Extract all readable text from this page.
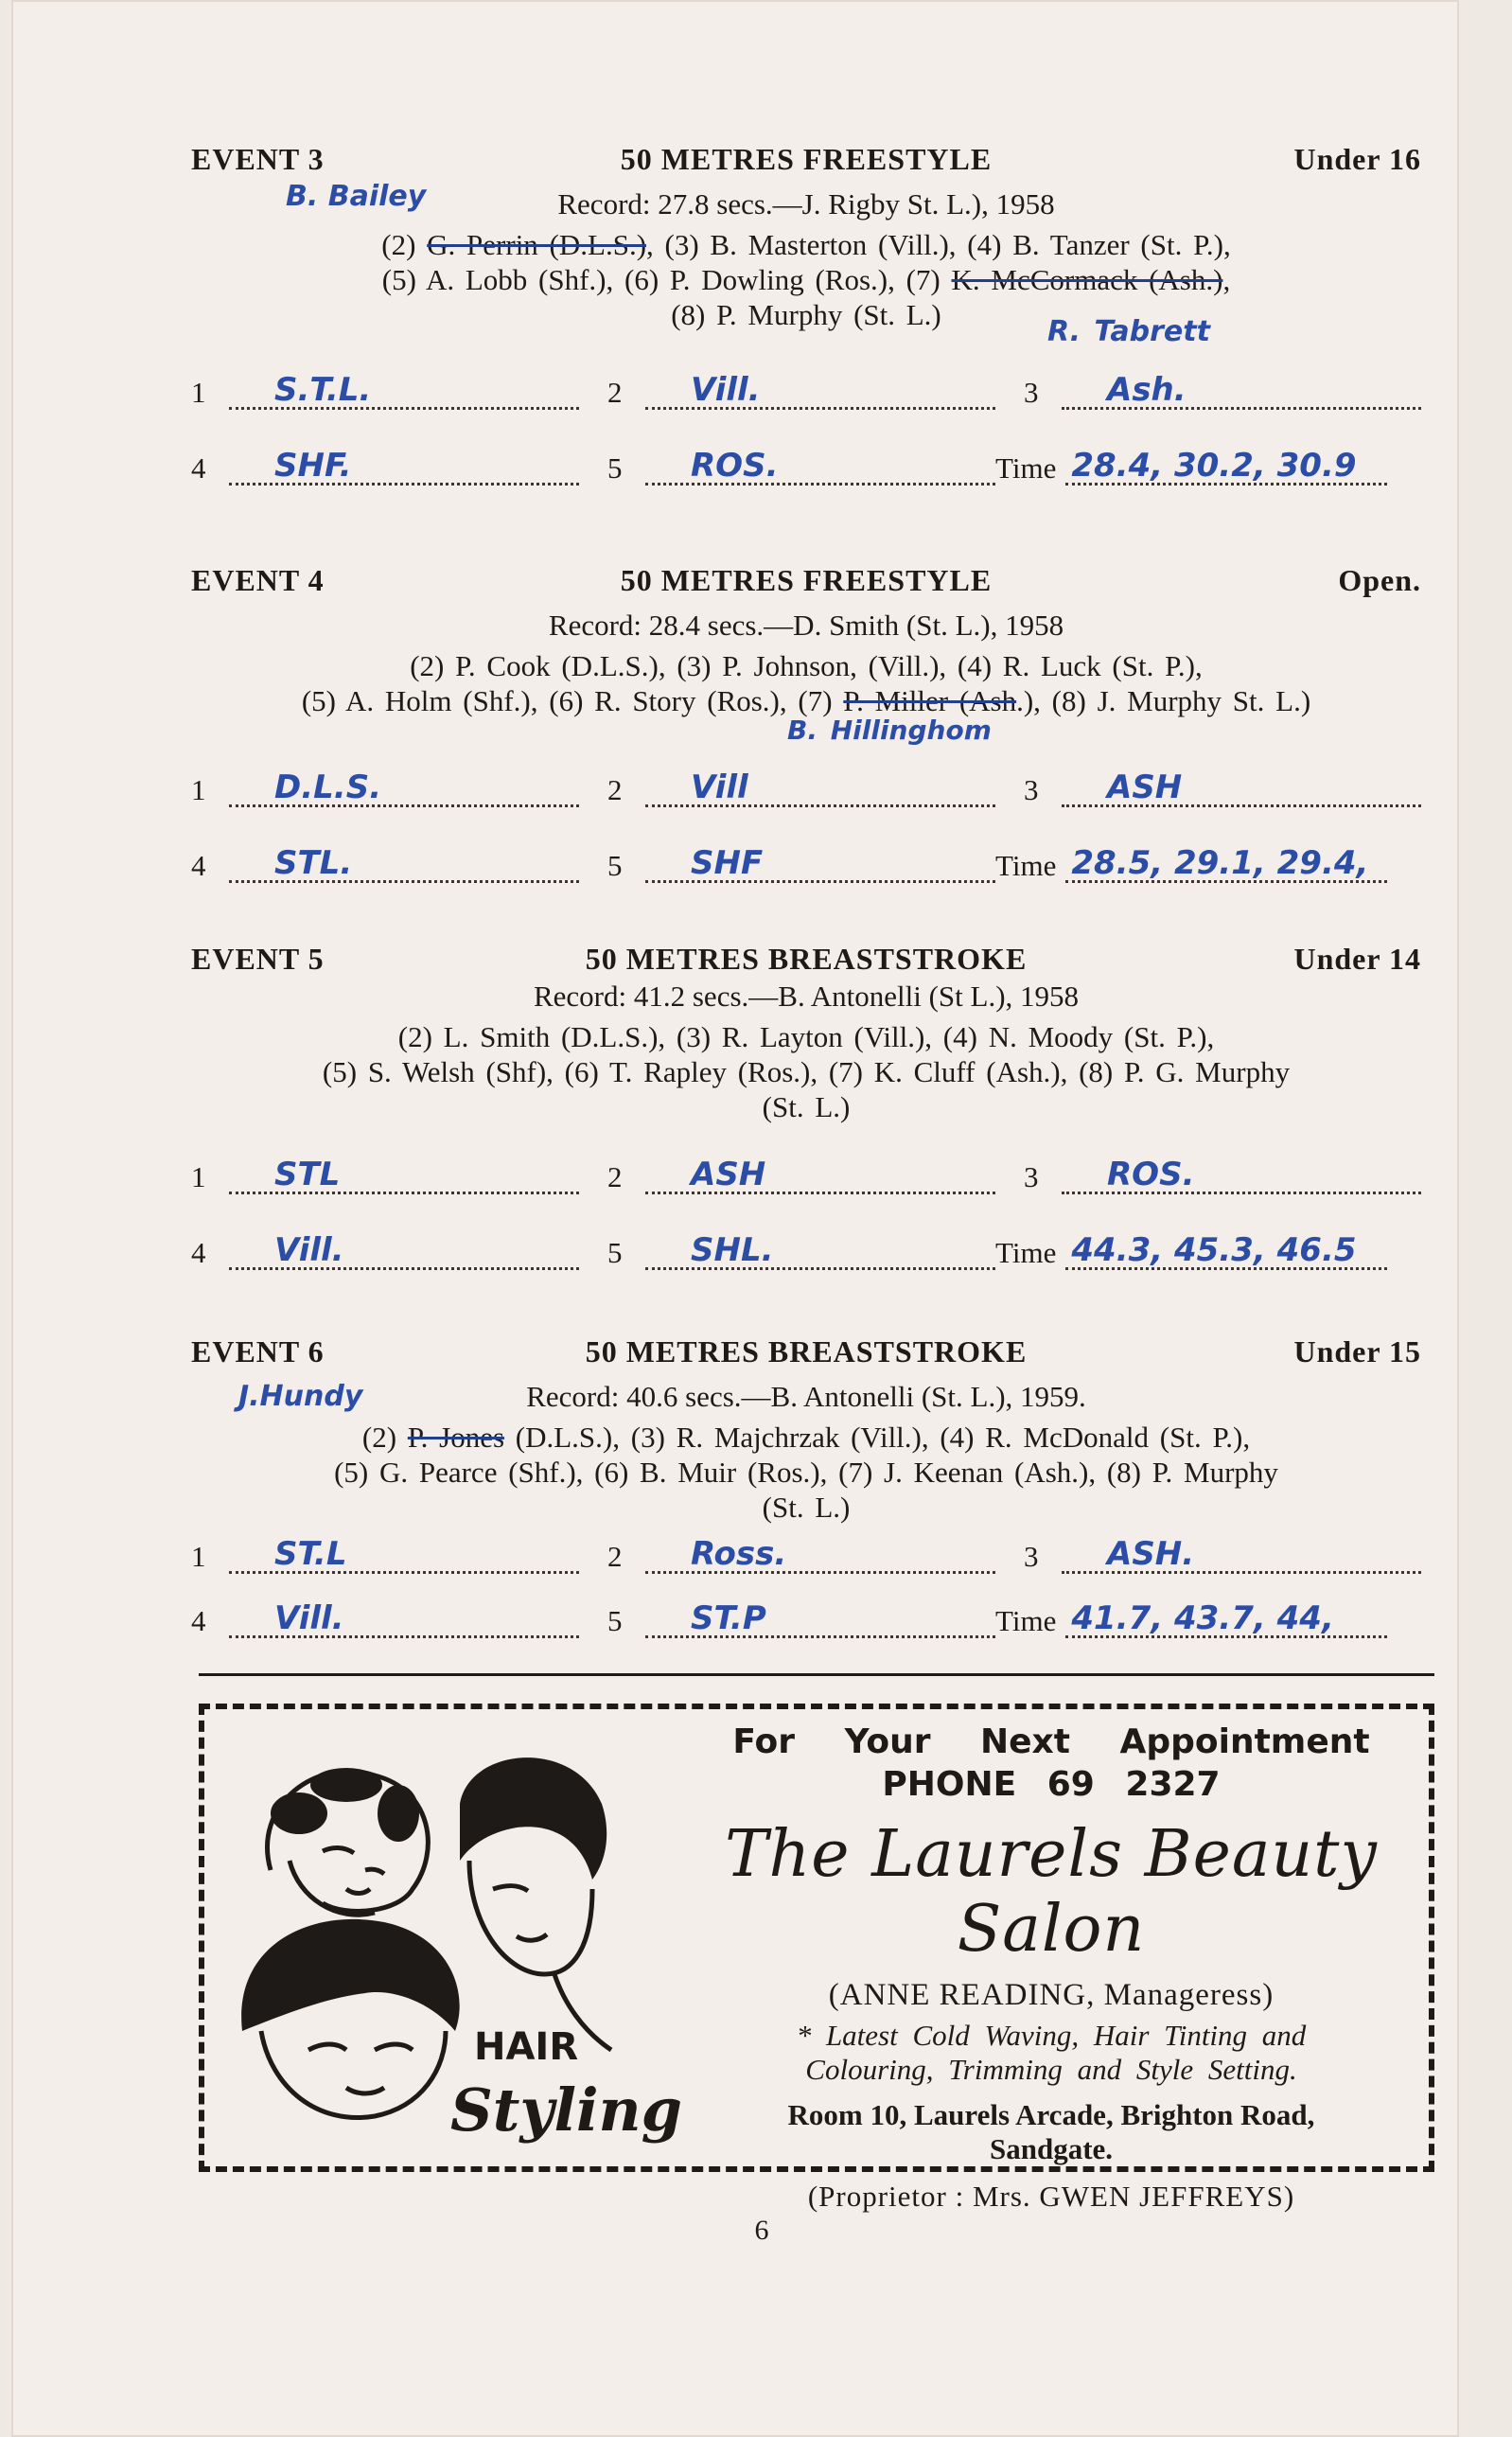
EVENT 3	50 METRES FREESTYLE	Under 16
B. Bailey	Record: 27.8 secs.—J. Rigby St. L.), 1958
(2) G. Perrin (D.L.S.), (3) B. Masterton (Vill.), (4) B. Tanzer (St. P.),
(5) A. Lobb (Shf.), (6) P. Dowling (Ros.), (7) K. McCormack (Ash.),
(8) P. Murphy (St. L.)
R. Tabrett
1	S.T.L.	2	Vill.	3	Ash.
4	SHF.	5	ROS.	Time 28.4, 30.2, 30.9
EVENT 4	50 METRES FREESTYLE	Open.
Record: 28.4 secs.—D. Smith (St. L.), 1958
(2) P. Cook (D.L.S.), (3) P. Johnson, (Vill.), (4) R. Luck (St. P.),
(5) A. Holm (Shf.), (6) R. Story (Ros.), (7) P. Miller (Ash.), (8) J. Murphy St. L.)
B. Hillinghom
1	D.L.S.	2	Vill	3	ASH
4	STL.	5	SHF	Time 28.5, 29.1, 29.4,
EVENT 5	50 METRES BREASTSTROKE	Under 14
Record: 41.2 secs.—B. Antonelli (St L.), 1958
(2) L. Smith (D.L.S.), (3) R. Layton (Vill.), (4) N. Moody (St. P.),
(5) S. Welsh (Shf), (6) T. Rapley (Ros.), (7) K. Cluff (Ash.), (8) P. G. Murphy
(St. L.)
1	STL	2	ASH	3	ROS.
4	Vill.	5	SHL.	Time 44.3, 45.3, 46.5
EVENT 6	50 METRES BREASTSTROKE	Under 15
J.Hundy	Record: 40.6 secs.—B. Antonelli (St. L.), 1959.
(2) P. Jones (D.L.S.), (3) R. Majchrzak (Vill.), (4) R. McDonald (St. P.),
(5) G. Pearce (Shf.), (6) B. Muir (Ros.), (7) J. Keenan (Ash.), (8) P. Murphy
(St. L.)
1	ST.L	2	Ross.	3	ASH.
4	Vill.	5	ST.P	Time 41.7, 43.7, 44,
HAIR
Styling
For Your Next Appointment
PHONE 69 2327
The Laurels Beauty Salon
(ANNE READING, Manageress)
* Latest Cold Waving, Hair Tinting and
Colouring, Trimming and Style Setting.
Room 10, Laurels Arcade, Brighton Road,
Sandgate.
(Proprietor : Mrs. GWEN JEFFREYS)
6
